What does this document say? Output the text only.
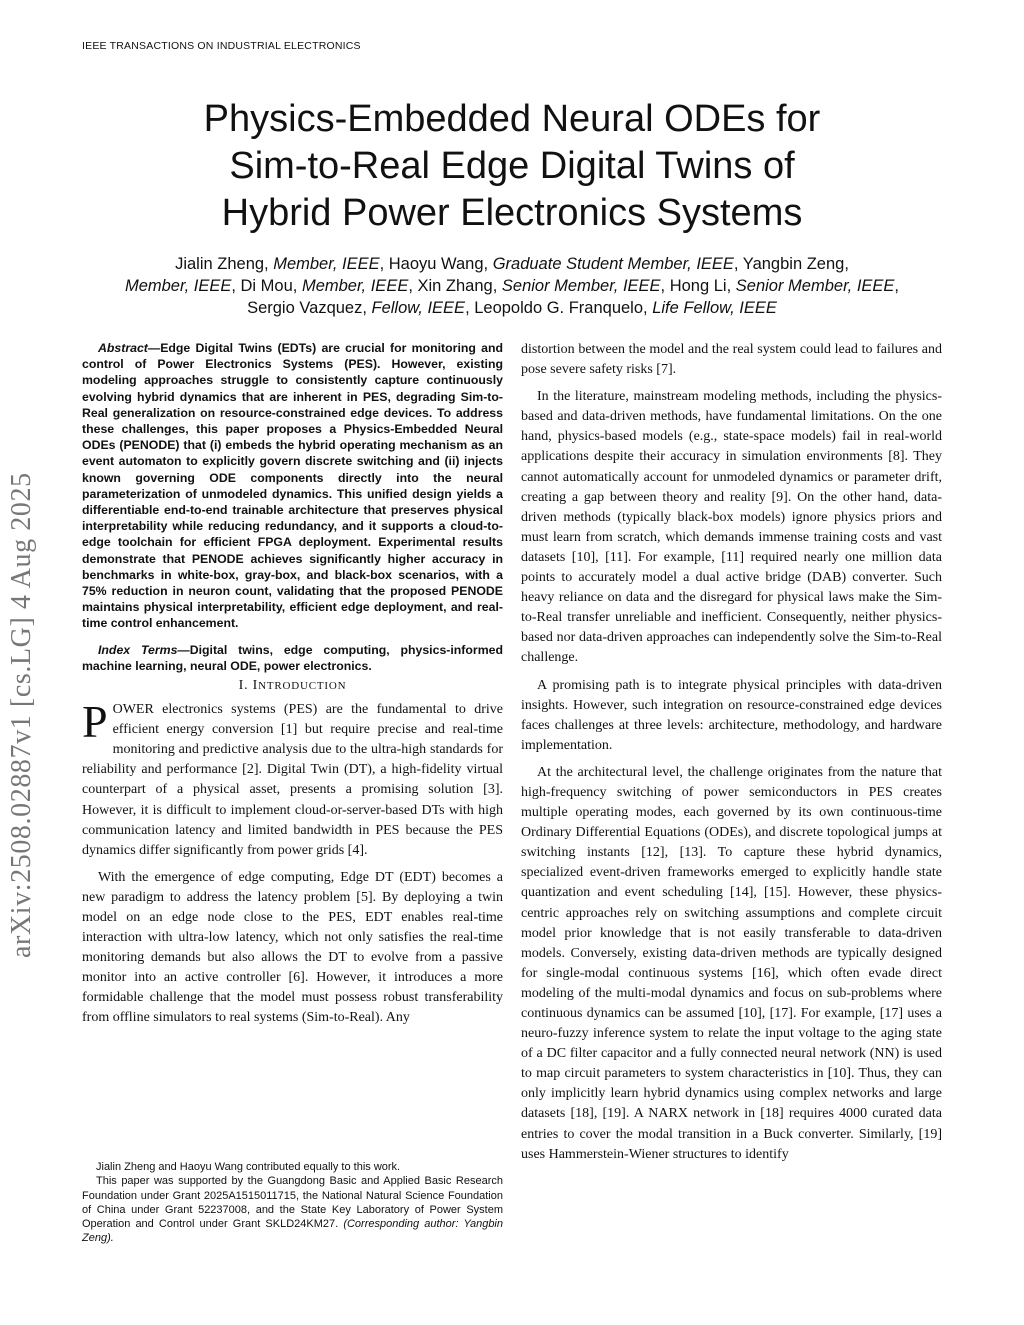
IEEE TRANSACTIONS ON INDUSTRIAL ELECTRONICS
arXiv:2508.02887v1 [cs.LG] 4 Aug 2025
Physics-Embedded Neural ODEs for
Sim-to-Real Edge Digital Twins of
Hybrid Power Electronics Systems
Jialin Zheng, Member, IEEE, Haoyu Wang, Graduate Student Member, IEEE, Yangbin Zeng,
Member, IEEE, Di Mou, Member, IEEE, Xin Zhang, Senior Member, IEEE, Hong Li, Senior Member, IEEE,
Sergio Vazquez, Fellow, IEEE, Leopoldo G. Franquelo, Life Fellow, IEEE

Abstract—Edge Digital Twins (EDTs) are crucial for monitoring and control of Power Electronics Systems (PES). However, existing modeling approaches struggle to consistently capture continuously evolving hybrid dynamics that are inherent in PES, degrading Sim-to-Real generalization on resource-constrained edge devices. To address these challenges, this paper proposes a Physics-Embedded Neural ODEs (PENODE) that (i) embeds the hybrid operating mechanism as an event automaton to explicitly govern discrete switching and (ii) injects known governing ODE components directly into the neural parameterization of unmodeled dynamics. This unified design yields a differentiable end-to-end trainable architecture that preserves physical interpretability while reducing redundancy, and it supports a cloud-to-edge toolchain for efficient FPGA deployment. Experimental results demonstrate that PENODE achieves significantly higher accuracy in benchmarks in white-box, gray-box, and black-box scenarios, with a 75% reduction in neuron count, validating that the proposed PENODE maintains physical interpretability, efficient edge deployment, and real-time control enhancement.

Index Terms—Digital twins, edge computing, physics-informed machine learning, neural ODE, power electronics.

I. INTRODUCTION

POWER electronics systems (PES) are the fundamental to drive efficient energy conversion [1] but require precise and real-time monitoring and predictive analysis due to the ultra-high standards for reliability and performance [2]. Digital Twin (DT), a high-fidelity virtual counterpart of a physical asset, presents a promising solution [3]. However, it is difficult to implement cloud-or-server-based DTs with high communication latency and limited bandwidth in PES because the PES dynamics differ significantly from power grids [4].

With the emergence of edge computing, Edge DT (EDT) becomes a new paradigm to address the latency problem [5]. By deploying a twin model on an edge node close to the PES, EDT enables real-time interaction with ultra-low latency, which not only satisfies the real-time monitoring demands but also allows the DT to evolve from a passive monitor into an active controller [6]. However, it introduces a more formidable challenge that the model must possess robust transferability from offline simulators to real systems (Sim-to-Real). Any

Jialin Zheng and Haoyu Wang contributed equally to this work.

This paper was supported by the Guangdong Basic and Applied Basic Research Foundation under Grant 2025A1515011715, the National Natural Science Foundation of China under Grant 52237008, and the State Key Laboratory of Power System Operation and Control under Grant SKLD24KM27. (Corresponding author: Yangbin Zeng).

distortion between the model and the real system could lead to failures and pose severe safety risks [7].

In the literature, mainstream modeling methods, including the physics-based and data-driven methods, have fundamental limitations. On the one hand, physics-based models (e.g., state-space models) fail in real-world applications despite their accuracy in simulation environments [8]. They cannot automatically account for unmodeled dynamics or parameter drift, creating a gap between theory and reality [9]. On the other hand, data-driven methods (typically black-box models) ignore physics priors and must learn from scratch, which demands immense training costs and vast datasets [10], [11]. For example, [11] required nearly one million data points to accurately model a dual active bridge (DAB) converter. Such heavy reliance on data and the disregard for physical laws make the Sim-to-Real transfer unreliable and inefficient. Consequently, neither physics-based nor data-driven approaches can independently solve the Sim-to-Real challenge.

A promising path is to integrate physical principles with data-driven insights. However, such integration on resource-constrained edge devices faces challenges at three levels: architecture, methodology, and hardware implementation.

At the architectural level, the challenge originates from the nature that high-frequency switching of power semiconductors in PES creates multiple operating modes, each governed by its own continuous-time Ordinary Differential Equations (ODEs), and discrete topological jumps at switching instants [12], [13]. To capture these hybrid dynamics, specialized event-driven frameworks emerged to explicitly handle state quantization and event scheduling [14], [15]. However, these physics-centric approaches rely on switching assumptions and complete circuit model prior knowledge that is not easily transferable to data-driven models. Conversely, existing data-driven methods are typically designed for single-modal continuous systems [16], which often evade direct modeling of the multi-modal dynamics and focus on sub-problems where continuous dynamics can be assumed [10], [17]. For example, [17] uses a neuro-fuzzy inference system to relate the input voltage to the aging state of a DC filter capacitor and a fully connected neural network (NN) is used to map circuit parameters to system characteristics in [10]. Thus, they can only implicitly learn hybrid dynamics using complex networks and large datasets [18], [19]. A NARX network in [18] requires 4000 curated data entries to cover the modal transition in a Buck converter. Similarly, [19] uses Hammerstein-Wiener structures to identify
